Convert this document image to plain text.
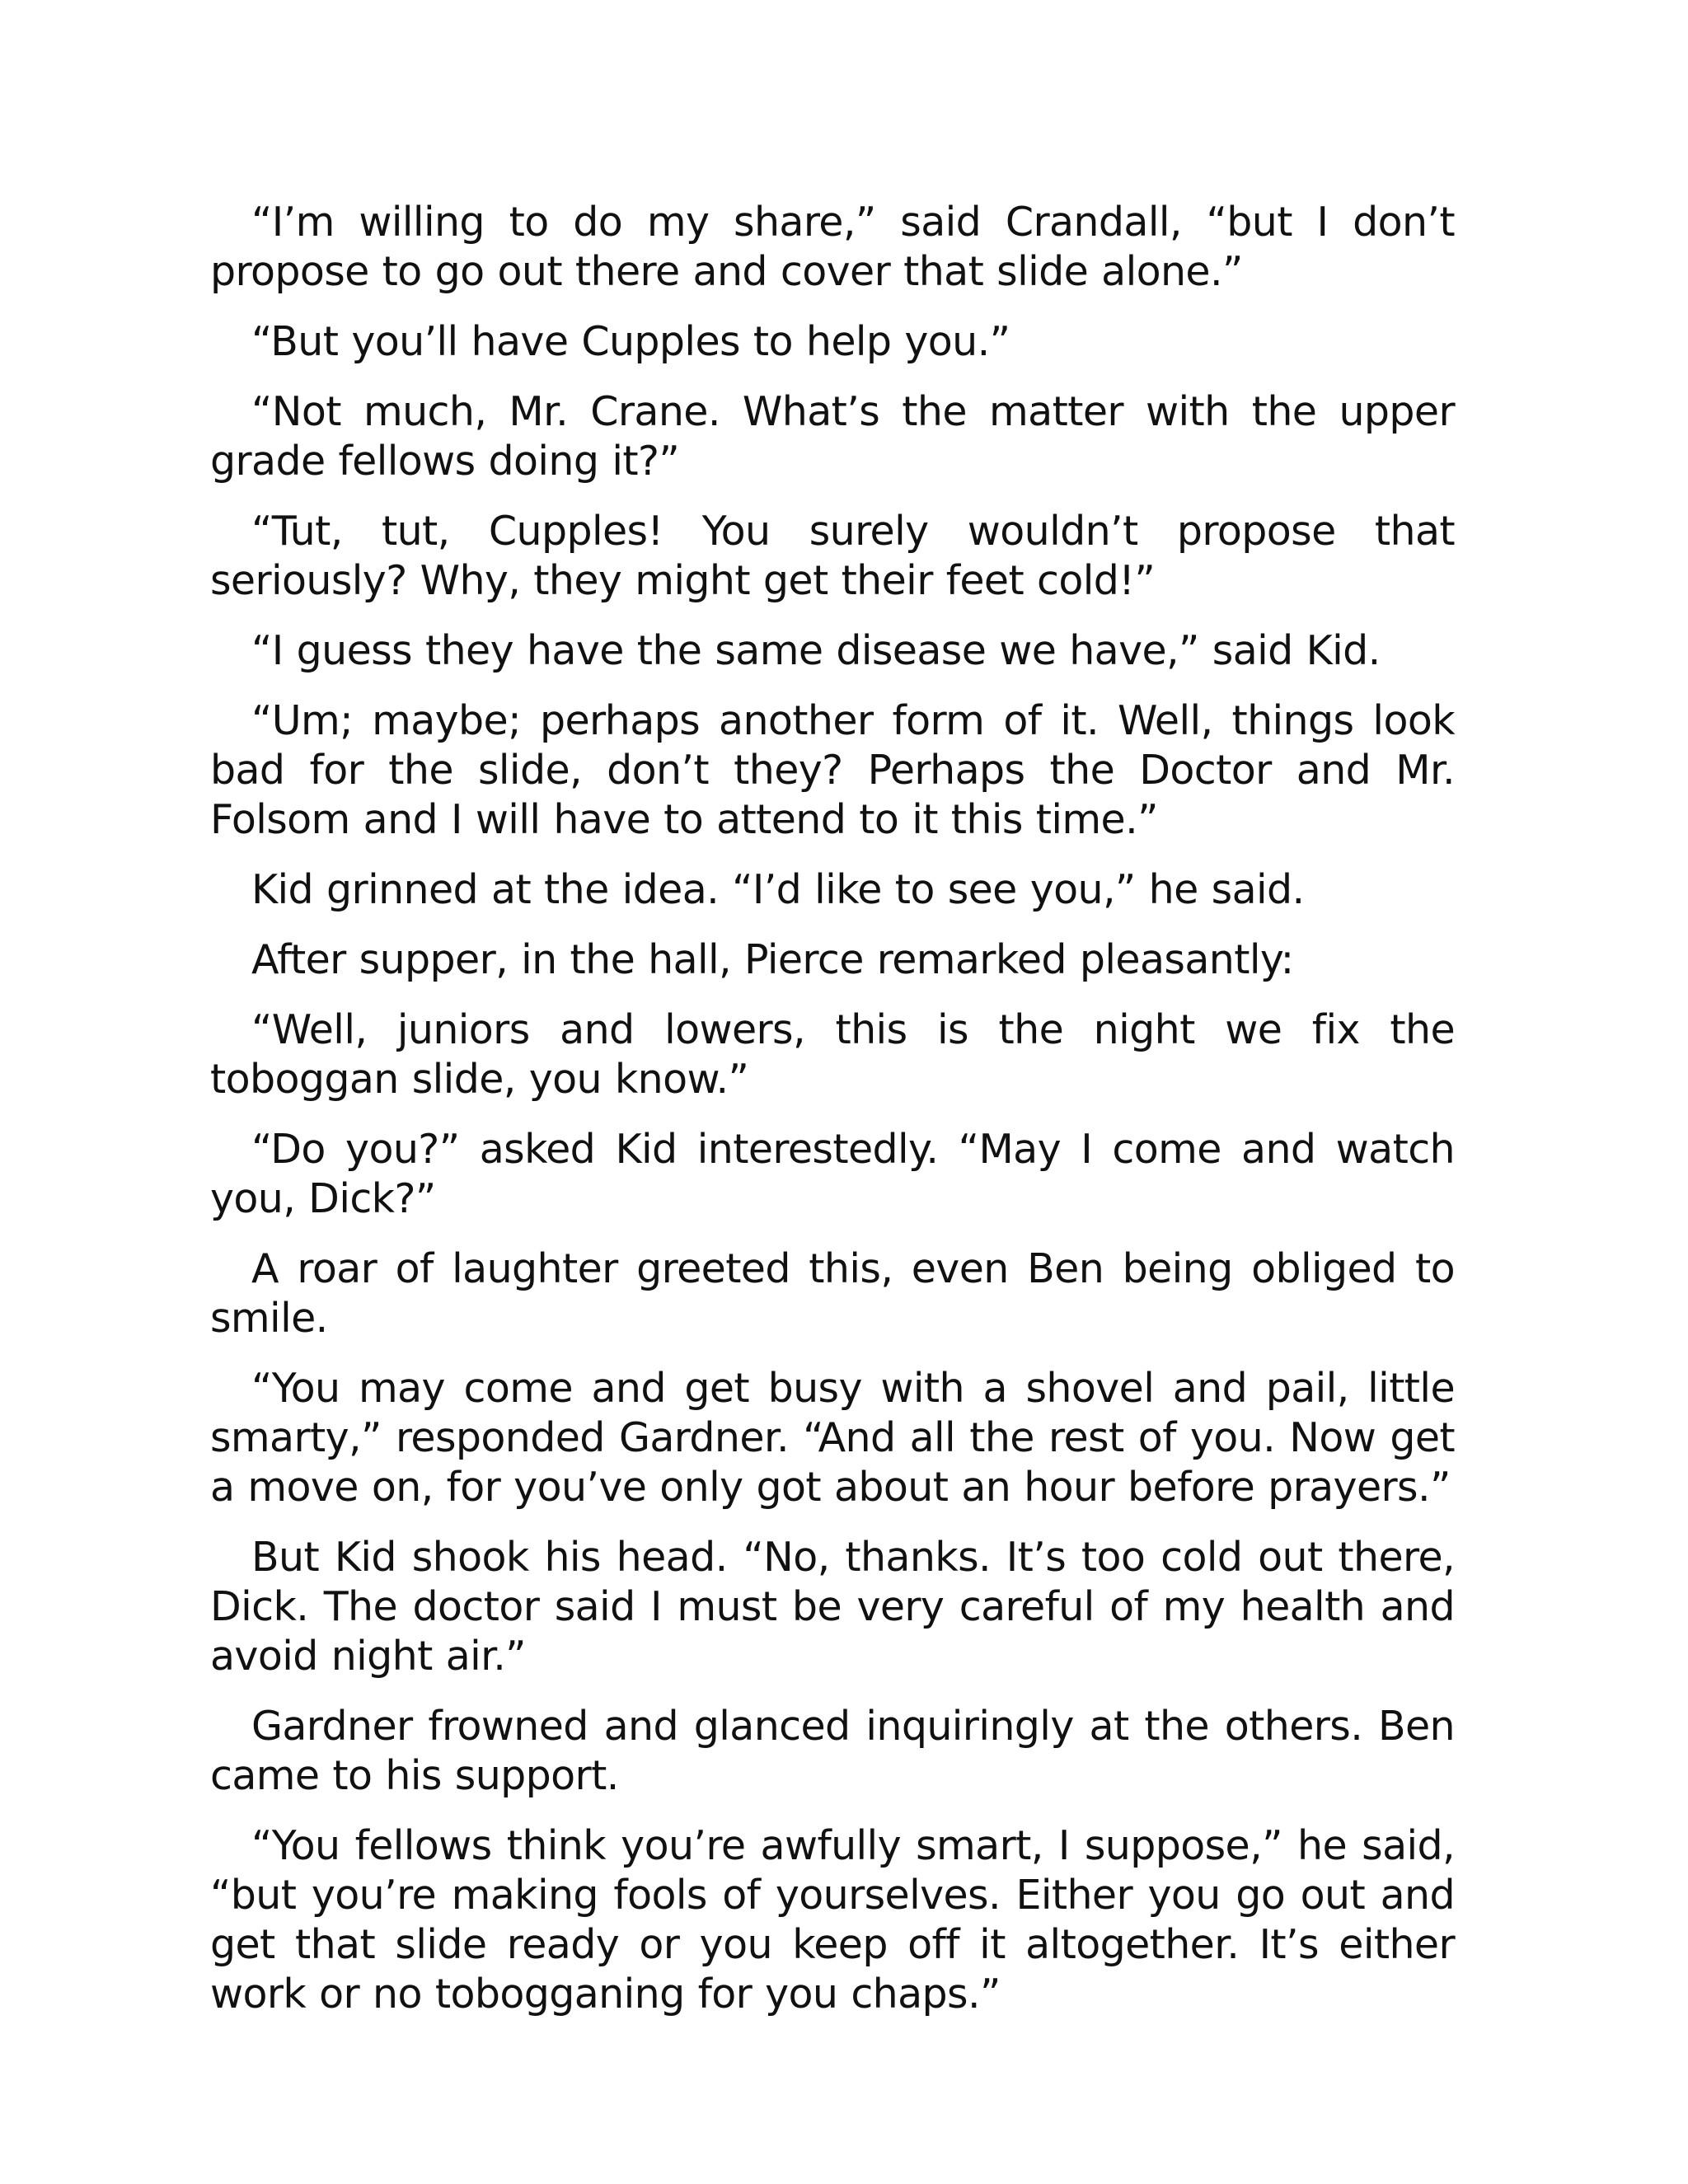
“I’m willing to do my share,” said Crandall, “but I don’t propose to go out there and cover that slide alone.”

“But you’ll have Cupples to help you.”

“Not much, Mr. Crane. What’s the matter with the upper grade fellows doing it?”

“Tut, tut, Cupples! You surely wouldn’t propose that seriously? Why, they might get their feet cold!”

“I guess they have the same disease we have,” said Kid.

“Um; maybe; perhaps another form of it. Well, things look bad for the slide, don’t they? Perhaps the Doctor and Mr. Folsom and I will have to attend to it this time.”

Kid grinned at the idea. “I’d like to see you,” he said.

After supper, in the hall, Pierce remarked pleasantly:

“Well, juniors and lowers, this is the night we fix the toboggan slide, you know.”

“Do you?” asked Kid interestedly. “May I come and watch you, Dick?”

A roar of laughter greeted this, even Ben being obliged to smile.

“You may come and get busy with a shovel and pail, little smarty,” responded Gardner. “And all the rest of you. Now get a move on, for you’ve only got about an hour before prayers.”

But Kid shook his head. “No, thanks. It’s too cold out there, Dick. The doctor said I must be very careful of my health and avoid night air.”

Gardner frowned and glanced inquiringly at the others. Ben came to his support.

“You fellows think you’re awfully smart, I suppose,” he said, “but you’re making fools of yourselves. Either you go out and get that slide ready or you keep off it altogether. It’s either work or no tobogganing for you chaps.”
